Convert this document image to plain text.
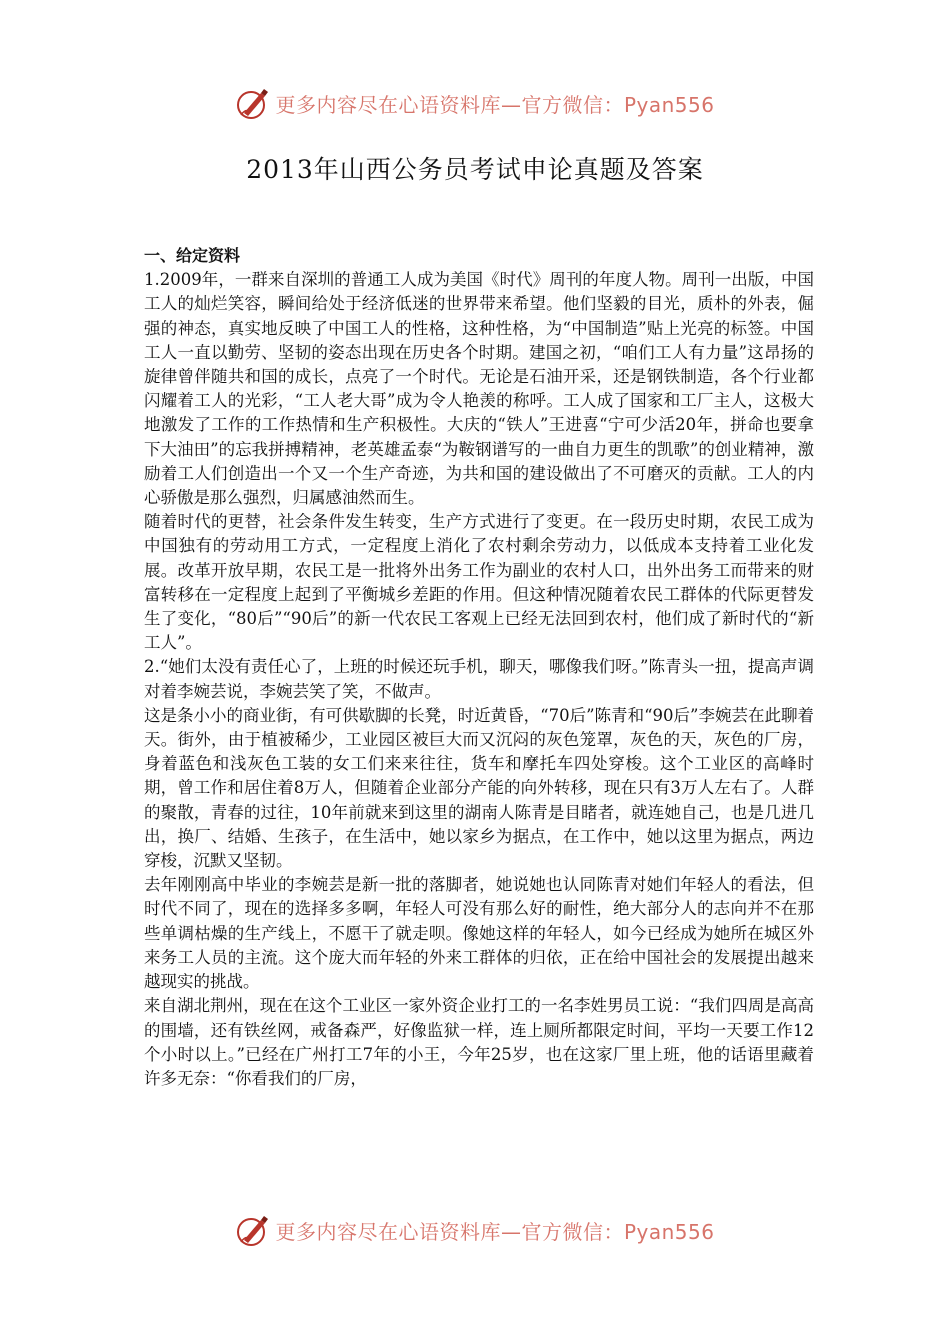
更多内容尽在心语资料库—官方微信：Pyan556
2013年山西公务员考试申论真题及答案

一、给定资料

1.2009年，一群来自深圳的普通工人成为美国《时代》周刊的年度人物。周刊一出版，中国工人的灿烂笑容，瞬间给处于经济低迷的世界带来希望。他们坚毅的目光，质朴的外表，倔强的神态，真实地反映了中国工人的性格，这种性格，为“中国制造”贴上光亮的标签。中国工人一直以勤劳、坚韧的姿态出现在历史各个时期。建国之初，“咱们工人有力量”这昂扬的旋律曾伴随共和国的成长，点亮了一个时代。无论是石油开采，还是钢铁制造，各个行业都闪耀着工人的光彩，“工人老大哥”成为令人艳羡的称呼。工人成了国家和工厂主人，这极大地激发了工作的工作热情和生产积极性。大庆的“铁人”王进喜“宁可少活20年，拼命也要拿下大油田”的忘我拼搏精神，老英雄孟泰“为鞍钢谱写的一曲自力更生的凯歌”的创业精神，激励着工人们创造出一个又一个生产奇迹，为共和国的建设做出了不可磨灭的贡献。工人的内心骄傲是那么强烈，归属感油然而生。

随着时代的更替，社会条件发生转变，生产方式进行了变更。在一段历史时期，农民工成为中国独有的劳动用工方式，一定程度上消化了农村剩余劳动力，以低成本支持着工业化发展。改革开放早期，农民工是一批将外出务工作为副业的农村人口，出外出务工而带来的财富转移在一定程度上起到了平衡城乡差距的作用。但这种情况随着农民工群体的代际更替发生了变化，“80后”“90后”的新一代农民工客观上已经无法回到农村，他们成了新时代的“新工人”。

2.“她们太没有责任心了，上班的时候还玩手机，聊天，哪像我们呀。”陈青头一扭，提高声调对着李婉芸说，李婉芸笑了笑，不做声。

这是条小小的商业街，有可供歇脚的长凳，时近黄昏，“70后”陈青和“90后”李婉芸在此聊着天。街外，由于植被稀少，工业园区被巨大而又沉闷的灰色笼罩，灰色的天，灰色的厂房，身着蓝色和浅灰色工装的女工们来来往往，货车和摩托车四处穿梭。这个工业区的高峰时期，曾工作和居住着8万人，但随着企业部分产能的向外转移，现在只有3万人左右了。人群的聚散，青春的过往，10年前就来到这里的湖南人陈青是目睹者，就连她自己，也是几进几出，换厂、结婚、生孩子，在生活中，她以家乡为据点，在工作中，她以这里为据点，两边穿梭，沉默又坚韧。

去年刚刚高中毕业的李婉芸是新一批的落脚者，她说她也认同陈青对她们年轻人的看法，但时代不同了，现在的选择多多啊，年轻人可没有那么好的耐性，绝大部分人的志向并不在那些单调枯燥的生产线上，不愿干了就走呗。像她这样的年轻人，如今已经成为她所在城区外来务工人员的主流。这个庞大而年轻的外来工群体的归依，正在给中国社会的发展提出越来越现实的挑战。

来自湖北荆州，现在在这个工业区一家外资企业打工的一名李姓男员工说：“我们四周是高高的围墙，还有铁丝网，戒备森严，好像监狱一样，连上厕所都限定时间，平均一天要工作12个小时以上。”已经在广州打工7年的小王，今年25岁，也在这家厂里上班，他的话语里藏着许多无奈：“你看我们的厂房，

更多内容尽在心语资料库—官方微信：Pyan556
